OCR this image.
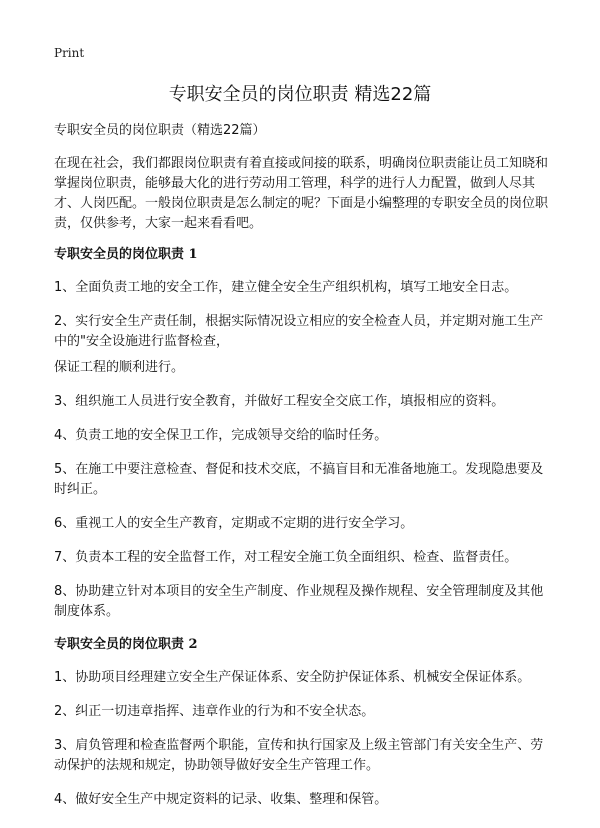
Print
专职安全员的岗位职责 精选22篇

专职安全员的岗位职责（精选22篇）

在现在社会，我们都跟岗位职责有着直接或间接的联系，明确岗位职责能让员工知晓和掌握岗位职责，能够最大化的进行劳动用工管理，科学的进行人力配置，做到人尽其才、人岗匹配。一般岗位职责是怎么制定的呢？下面是小编整理的专职安全员的岗位职责，仅供参考，大家一起来看看吧。

专职安全员的岗位职责 1

1、全面负责工地的安全工作，建立健全安全生产组织机构，填写工地安全日志。

2、实行安全生产责任制，根据实际情况设立相应的安全检查人员，并定期对施工生产中的"安全设施进行监督检查，

保证工程的顺利进行。

3、组织施工人员进行安全教育，并做好工程安全交底工作，填报相应的资料。

4、负责工地的安全保卫工作，完成领导交给的临时任务。

5、在施工中要注意检查、督促和技术交底，不搞盲目和无准备地施工。发现隐患要及时纠正。

6、重视工人的安全生产教育，定期或不定期的进行安全学习。

7、负责本工程的安全监督工作，对工程安全施工负全面组织、检查、监督责任。

8、协助建立针对本项目的安全生产制度、作业规程及操作规程、安全管理制度及其他制度体系。

专职安全员的岗位职责 2

1、协助项目经理建立安全生产保证体系、安全防护保证体系、机械安全保证体系。

2、纠正一切违章指挥、违章作业的行为和不安全状态。

3、肩负管理和检查监督两个职能，宣传和执行国家及上级主管部门有关安全生产、劳动保护的法规和规定，协助领导做好安全生产管理工作。

4、做好安全生产中规定资料的记录、收集、整理和保管。
